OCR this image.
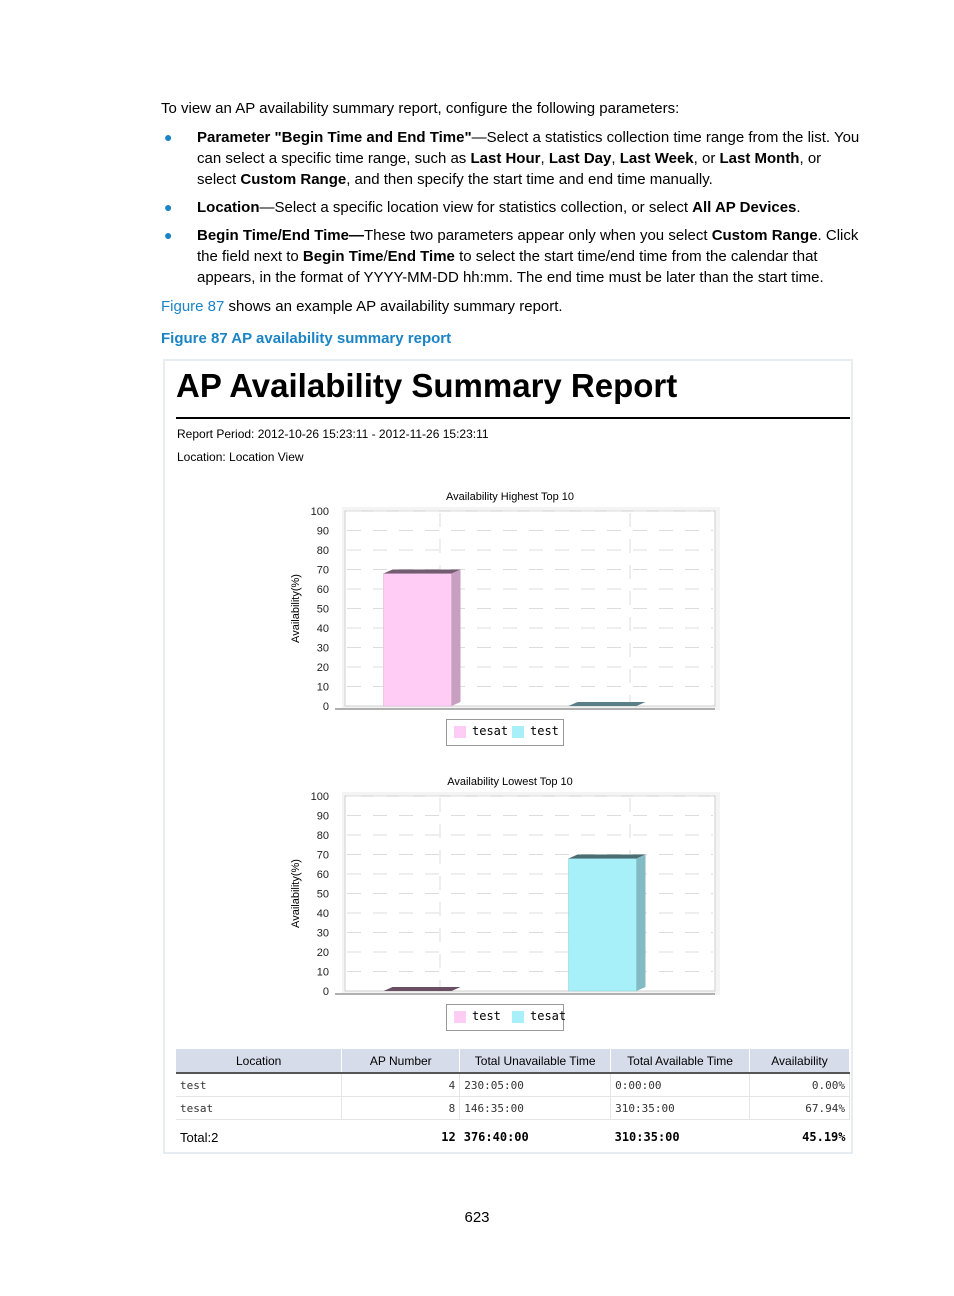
To view an AP availability summary report, configure the following parameters:
● Parameter "Begin Time and End Time"—Select a statistics collection time range from the list. You can select a specific time range, such as Last Hour, Last Day, Last Week, or Last Month, or select Custom Range, and then specify the start time and end time manually.
● Location—Select a specific location view for statistics collection, or select All AP Devices.
● Begin Time/End Time—These two parameters appear only when you select Custom Range. Click the field next to Begin Time/End Time to select the start time/end time from the calendar that appears, in the format of YYYY-MM-DD hh:mm. The end time must be later than the start time.
Figure 87 shows an example AP availability summary report.
Figure 87 AP availability summary report
AP Availability Summary Report
Report Period: 2012-10-26 15:23:11 - 2012-11-26 15:23:11
Location: Location View
Availability Highest Top 10
0
10
20
30
40
50
60
70
80
90
100
Availability(%)
tesat test
Availability Lowest Top 10
0
10
20
30
40
50
60
70
80
90
100
Availability(%)
test tesat
Location	AP Number	Total Unavailable Time	Total Available Time	Availability
test	4	230:05:00	0:00:00	0.00%
tesat	8	146:35:00	310:35:00	67.94%
Total:2	12	376:40:00	310:35:00	45.19%
623
